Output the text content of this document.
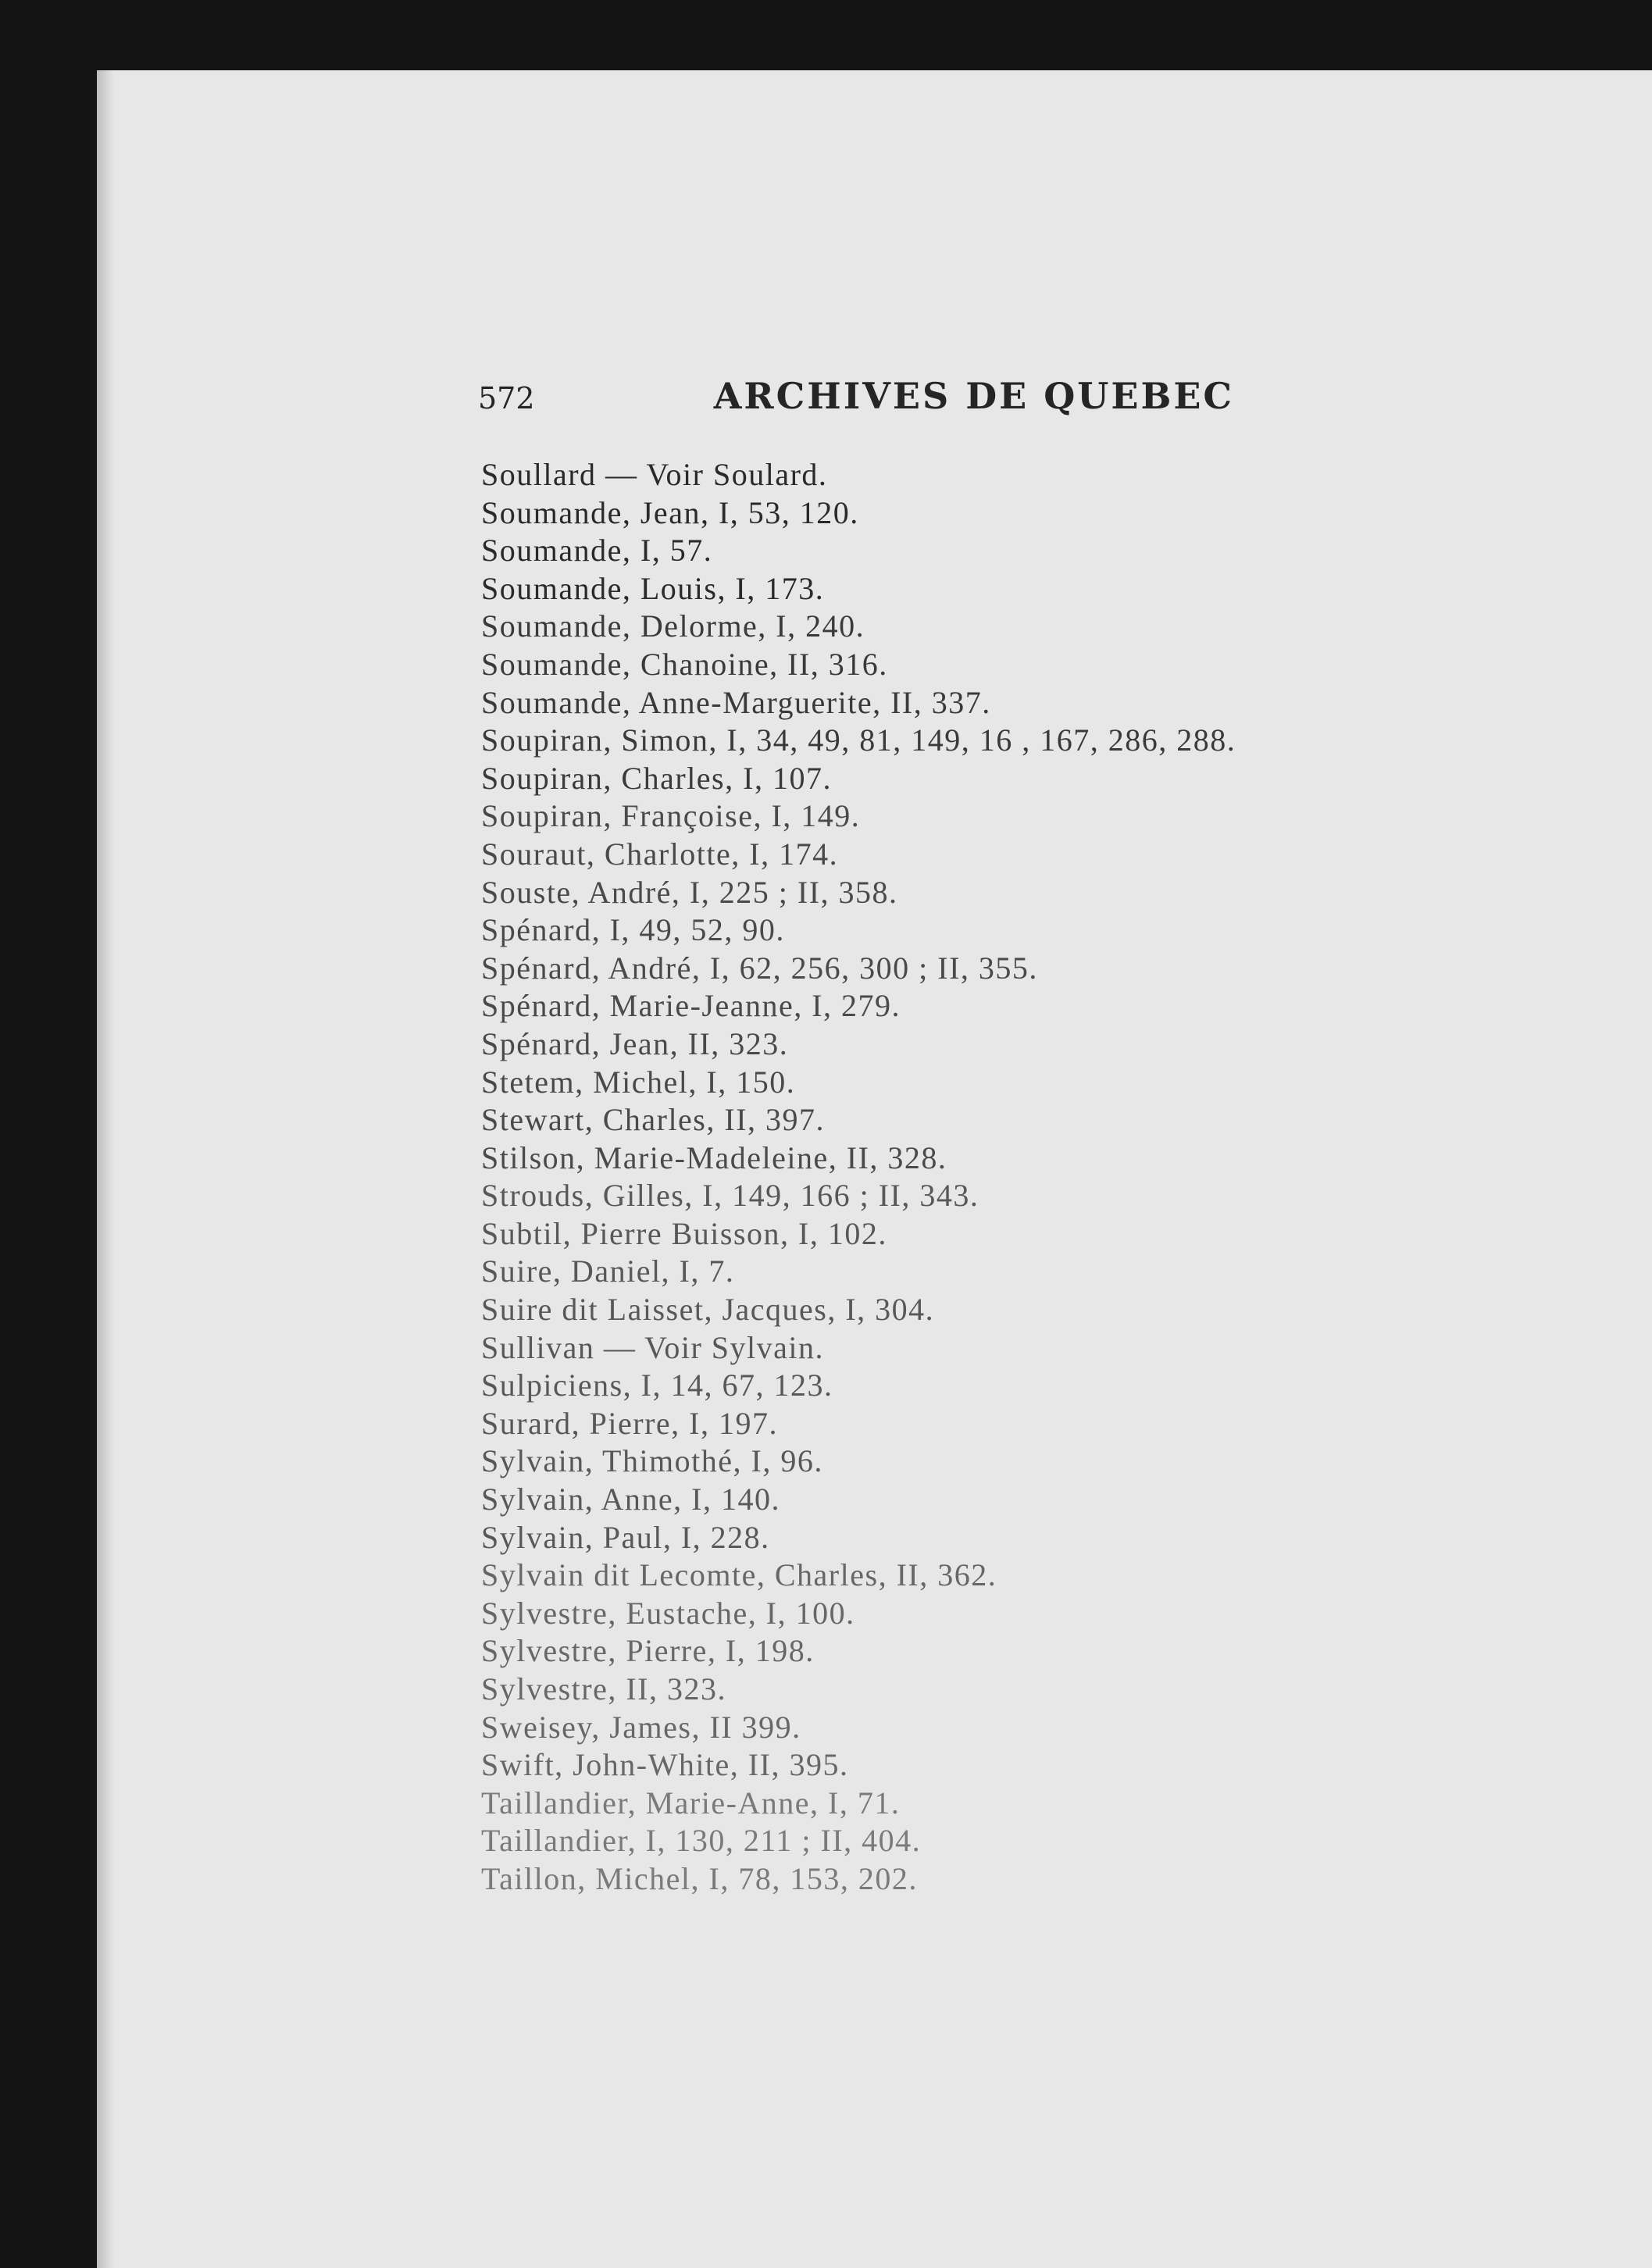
572	ARCHIVES DE QUEBEC
Soullard — Voir Soulard.
Soumande, Jean, I, 53, 120.
Soumande, I, 57.
Soumande, Louis, I, 173.
Soumande, Delorme, I, 240.
Soumande, Chanoine, II, 316.
Soumande, Anne-Marguerite, II, 337.
Soupiran, Simon, I, 34, 49, 81, 149, 16 , 167, 286, 288.
Soupiran, Charles, I, 107.
Soupiran, Françoise, I, 149.
Souraut, Charlotte, I, 174.
Souste, André, I, 225 ; II, 358.
Spénard, I, 49, 52, 90.
Spénard, André, I, 62, 256, 300 ; II, 355.
Spénard, Marie-Jeanne, I, 279.
Spénard, Jean, II, 323.
Stetem, Michel, I, 150.
Stewart, Charles, II, 397.
Stilson, Marie-Madeleine, II, 328.
Strouds, Gilles, I, 149, 166 ; II, 343.
Subtil, Pierre Buisson, I, 102.
Suire, Daniel, I, 7.
Suire dit Laisset, Jacques, I, 304.
Sullivan — Voir Sylvain.
Sulpiciens, I, 14, 67, 123.
Surard, Pierre, I, 197.
Sylvain, Thimothé, I, 96.
Sylvain, Anne, I, 140.
Sylvain, Paul, I, 228.
Sylvain dit Lecomte, Charles, II, 362.
Sylvestre, Eustache, I, 100.
Sylvestre, Pierre, I, 198.
Sylvestre, II, 323.
Sweisey, James, II 399.
Swift, John-White, II, 395.
Taillandier, Marie-Anne, I, 71.
Taillandier, I, 130, 211 ; II, 404.
Taillon, Michel, I, 78, 153, 202.
